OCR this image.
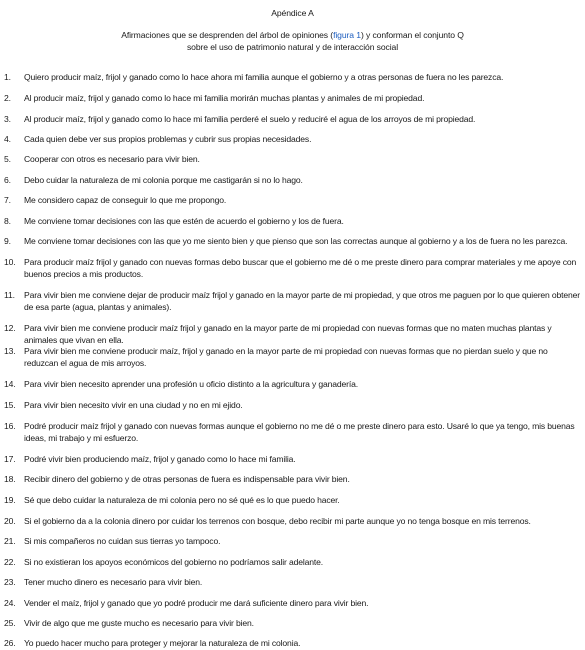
Apéndice A
Afirmaciones que se desprenden del árbol de opiniones (figura 1) y conforman el conjunto Q
sobre el uso de patrimonio natural y de interacción social
1.	Quiero producir maíz, frijol y ganado como lo hace ahora mi familia aunque el gobierno y a otras personas de fuera no les parezca.
2.	Al producir maíz, frijol y ganado como lo hace mi familia morirán muchas plantas y animales de mi propiedad.
3.	Al producir maíz, frijol y ganado como lo hace mi familia perderé el suelo y reduciré el agua de los arroyos de mi propiedad.
4.	Cada quien debe ver sus propios problemas y cubrir sus propias necesidades.
5.	Cooperar con otros es necesario para vivir bien.
6.	Debo cuidar la naturaleza de mi colonia porque me castigarán si no lo hago.
7.	Me considero capaz de conseguir lo que me propongo.
8.	Me conviene tomar decisiones con las que estén de acuerdo el gobierno y los de fuera.
9.	Me conviene tomar decisiones con las que yo me siento bien y que pienso que son las correctas aunque al gobierno y a los de fuera no les parezca.
10. Para producir maíz frijol y ganado con nuevas formas debo buscar que el gobierno me dé o me preste dinero para comprar materiales y me apoye con buenos precios a mis productos.
11.	Para vivir bien me conviene dejar de producir maíz frijol y ganado en la mayor parte de mi propiedad, y que otros me paguen por lo que quieren obtener de esa parte (agua, plantas y animales).
12. Para vivir bien me conviene producir maíz frijol y ganado en la mayor parte de mi propiedad con nuevas formas que no maten muchas plantas y animales que vivan en ella.
13. Para vivir bien me conviene producir maíz, frijol y ganado en la mayor parte de mi propiedad con nuevas formas que no pierdan suelo y que no reduzcan el agua de mis arroyos.
14. Para vivir bien necesito aprender una profesión u oficio distinto a la agricultura y ganadería.
15. Para vivir bien necesito vivir en una ciudad y no en mi ejido.
16. Podré producir maíz frijol y ganado con nuevas formas aunque el gobierno no me dé o me preste dinero para esto. Usaré lo que ya tengo, mis buenas ideas, mi trabajo y mi esfuerzo.
17. Podré vivir bien produciendo maíz, frijol y ganado como lo hace mi familia.
18. Recibir dinero del gobierno y de otras personas de fuera es indispensable para vivir bien.
19. Sé que debo cuidar la naturaleza de mi colonia pero no sé qué es lo que puedo hacer.
20. Si el gobierno da a la colonia dinero por cuidar los terrenos con bosque, debo recibir mi parte aunque yo no tenga bosque en mis terrenos.
21. Si mis compañeros no cuidan sus tierras yo tampoco.
22. Si no existieran los apoyos económicos del gobierno no podríamos salir adelante.
23. Tener mucho dinero es necesario para vivir bien.
24. Vender el maíz, frijol y ganado que yo podré producir me dará suficiente dinero para vivir bien.
25. Vivir de algo que me guste mucho es necesario para vivir bien.
26. Yo puedo hacer mucho para proteger y mejorar la naturaleza de mi colonia.
